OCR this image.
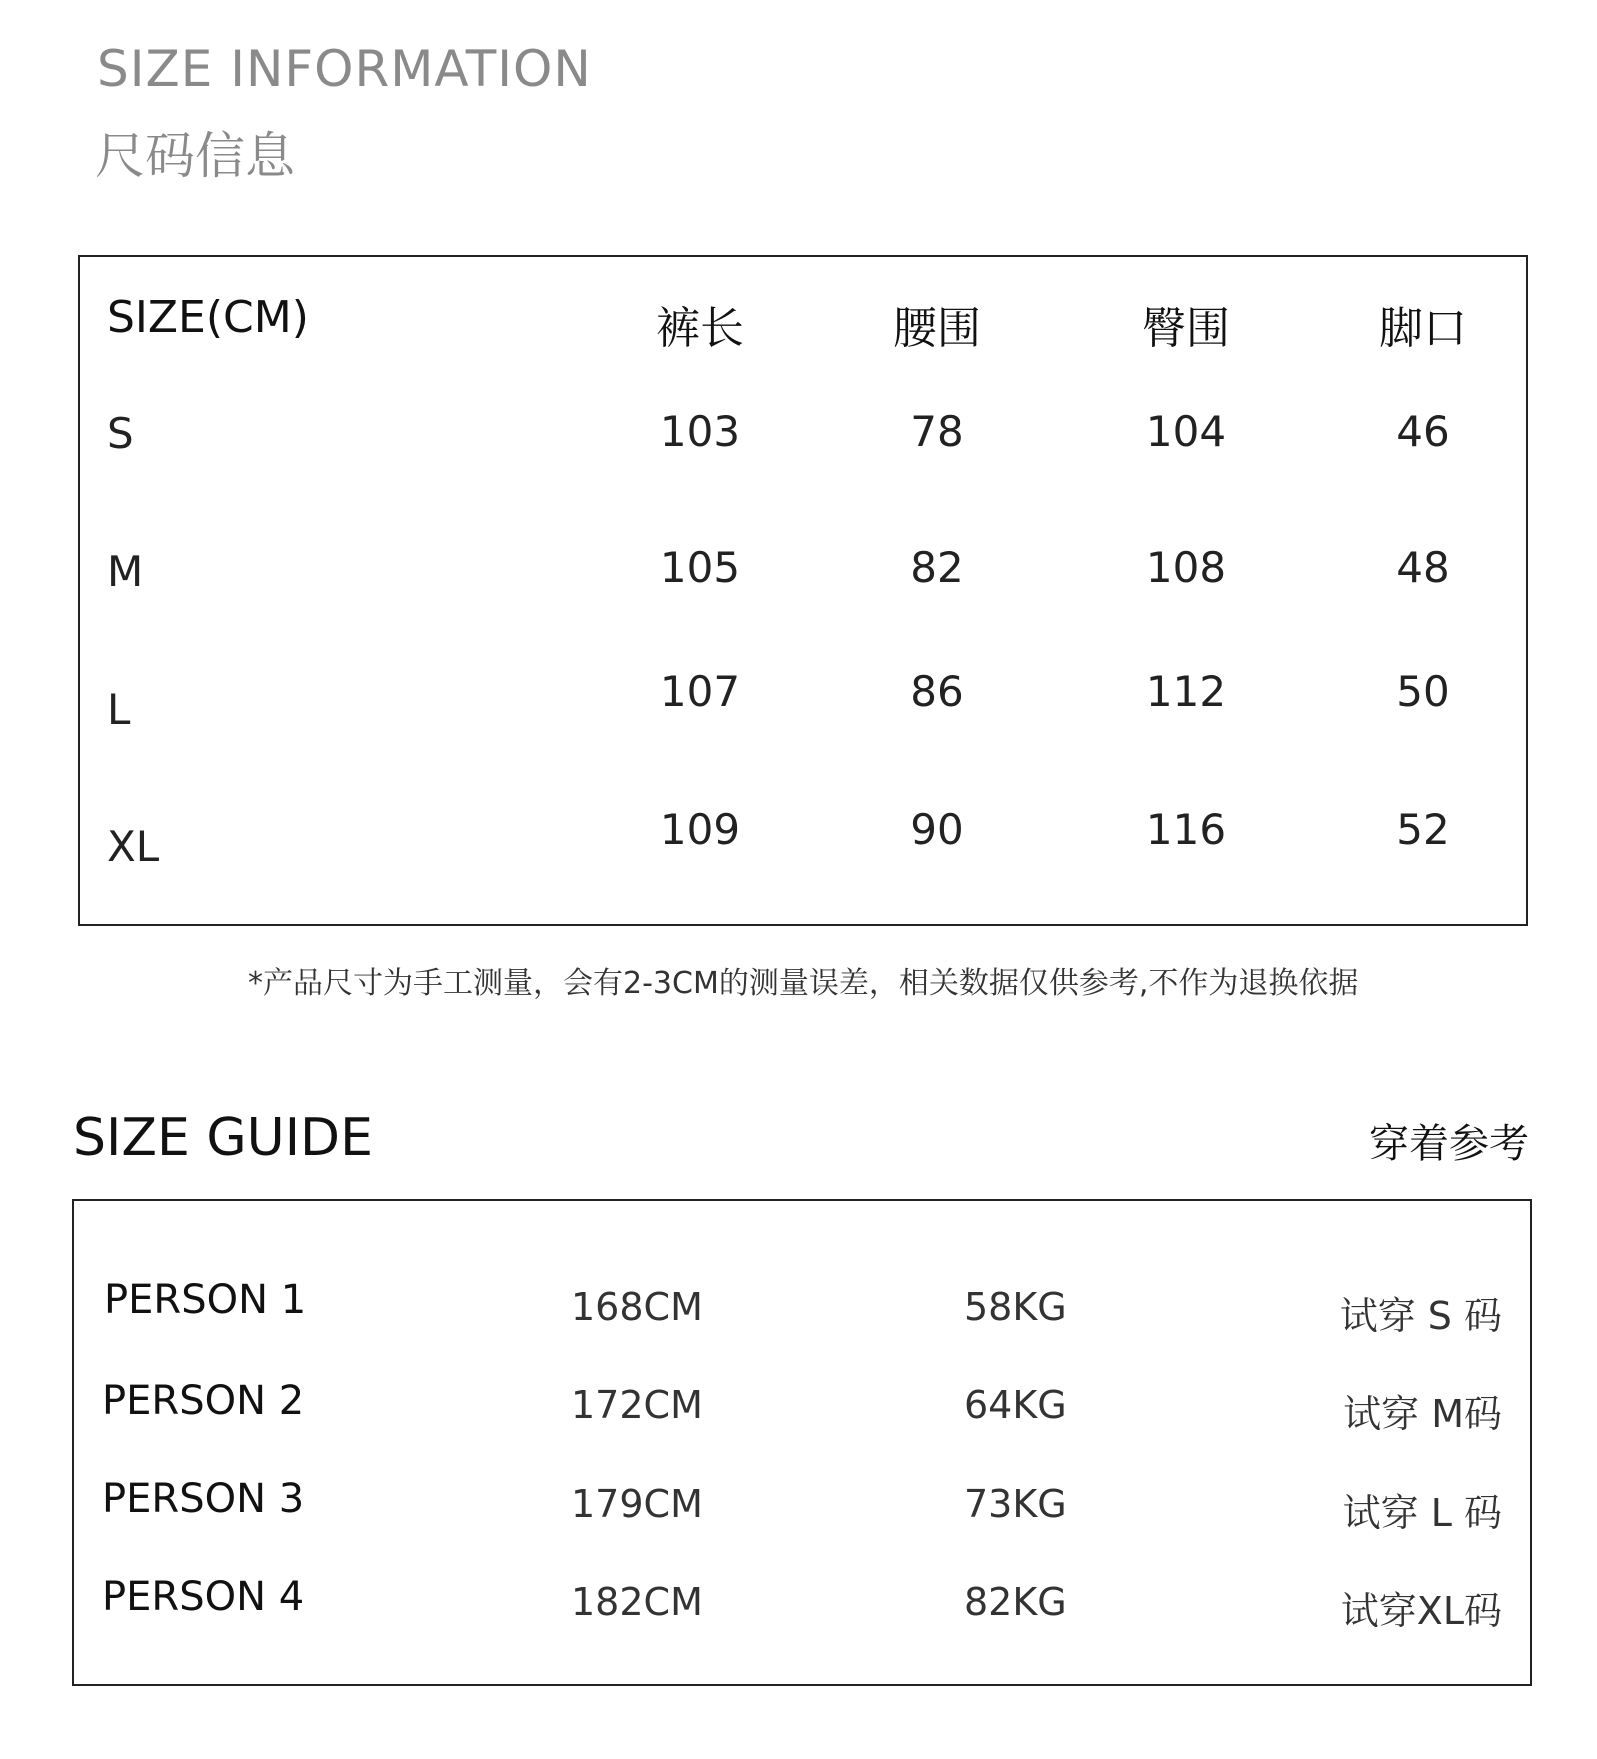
SIZE INFORMATION
尺码信息
SIZE(CM)	裤长	腰围	臀围	脚口
S	103	78	104	46
M	105	82	108	48
L	107	86	112	50
XL	109	90	116	52
*产品尺寸为手工测量，会有2-3CM的测量误差，相关数据仅供参考,不作为退换依据
SIZE GUIDE	穿着参考
PERSON 1	168CM	58KG	试穿 S 码
PERSON 2	172CM	64KG	试穿 M码
PERSON 3	179CM	73KG	试穿 L 码
PERSON 4	182CM	82KG	试穿XL码
